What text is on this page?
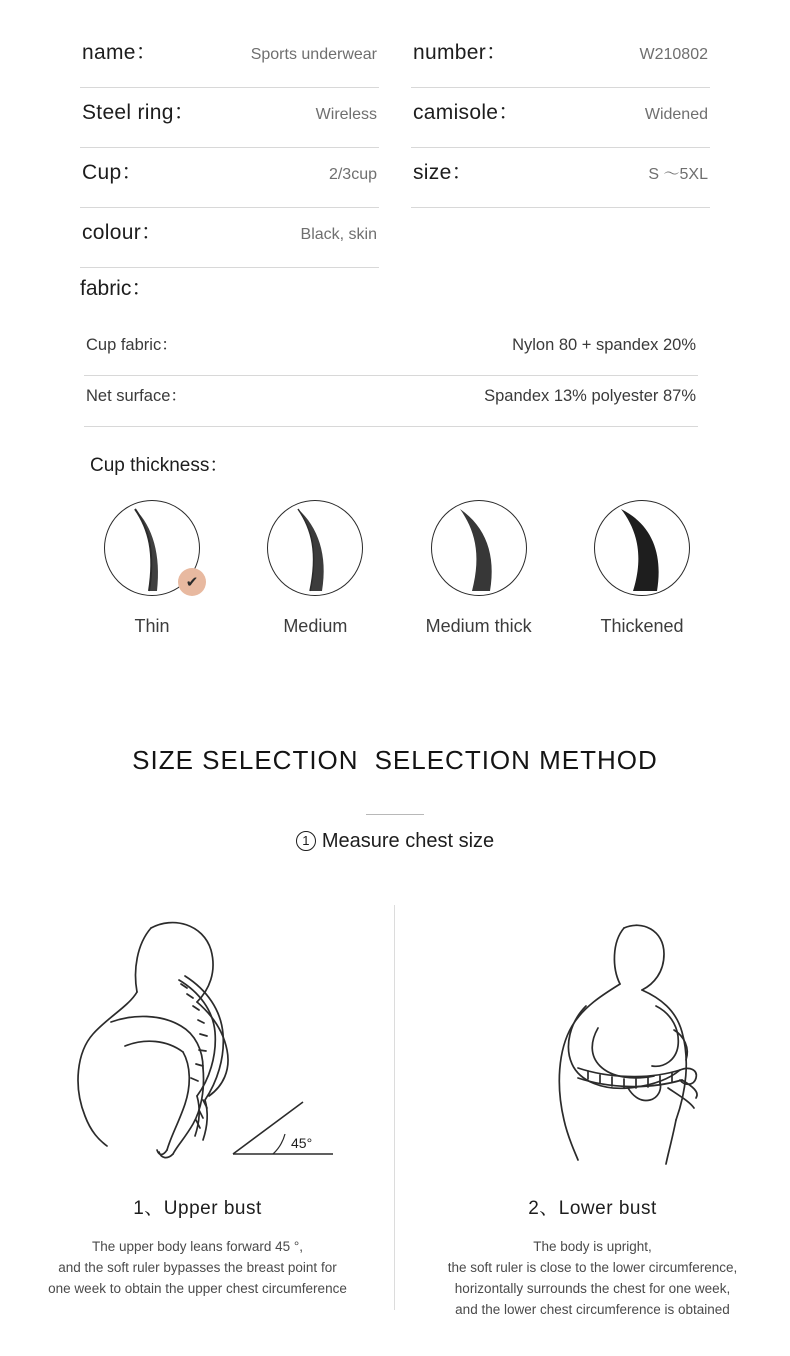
name：	Sports underwear number：	W210802
Steel ring：	Wireless camisole：	Widened
Cup：	2/3cup size：	S ～5XL
colour：	Black, skin
fabric：
Cup fabric：	Nylon 80 + spandex 20%
Net surface：	Spandex 13% polyester 87%
Cup thickness：
✔
Thin	Medium	Medium thick	Thickened
SIZE SELECTION SELECTION METHOD
1 Measure chest size
45°
1、Upper bust
The upper body leans forward 45 °,
and the soft ruler bypasses the breast point for
one week to obtain the upper chest circumference
2、Lower bust
The body is upright,
the soft ruler is close to the lower circumference,
horizontally surrounds the chest for one week,
and the lower chest circumference is obtained
